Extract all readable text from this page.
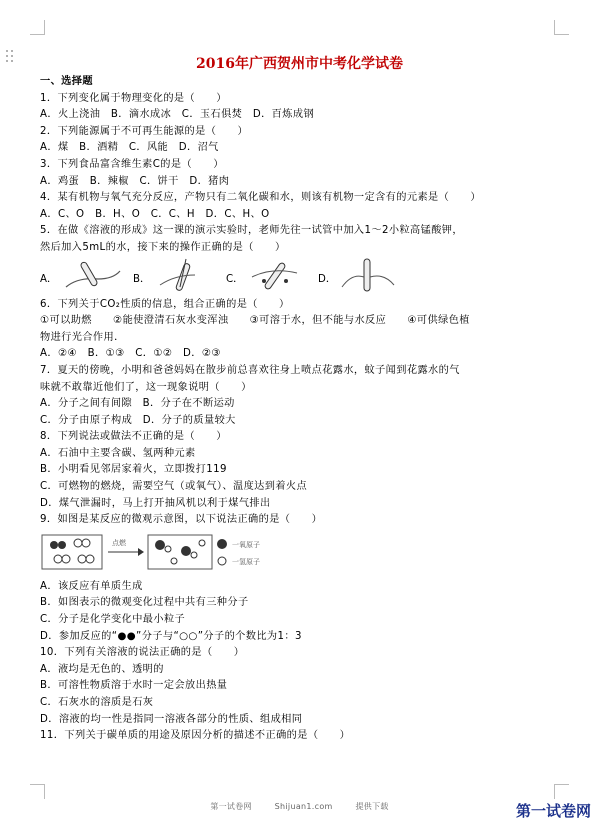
2016年广西贺州市中考化学试卷
一、选择题
1．下列变化属于物理变化的是（　　）
A．火上浇油　B．滴水成冰　C．玉石俱焚　D．百炼成钢
2．下列能源属于不可再生能源的是（　　）
A．煤　B．酒精　C．风能　D．沼气
3．下列食品富含维生素C的是（　　）
A．鸡蛋　B．辣椒　C．饼干　D．猪肉
4．某有机物与氧气充分反应，产物只有二氧化碳和水，则该有机物一定含有的元素是（　　）
A．C、O　B．H、O　C．C、H　D．C、H、O
5．在做《溶液的形成》这一课的演示实验时，老师先往一试管中加入1～2小粒高锰酸钾，
然后加入5mL的水，接下来的操作正确的是（　　）
A．	B．	C．	D．
6．下列关于CO₂性质的信息，组合正确的是（　　）
①可以助燃　　②能使澄清石灰水变浑浊　　③可溶于水，但不能与水反应　　④可供绿色植
物进行光合作用．
A．②④　B．①③　C．①②　D．②③
7．夏天的傍晚，小明和爸爸妈妈在散步前总喜欢往身上喷点花露水，蚊子闻到花露水的气
味就不敢靠近他们了，这一现象说明（　　）
A．分子之间有间隙　B．分子在不断运动
C．分子由原子构成　D．分子的质量较大
8．下列说法或做法不正确的是（　　）
A．石油中主要含碳、氢两种元素
B．小明看见邻居家着火，立即拨打119
C．可燃物的燃烧，需要空气（或氧气）、温度达到着火点
D．煤气泄漏时，马上打开抽风机以利于煤气排出
9．如图是某反应的微观示意图，以下说法正确的是（　　）
点燃	一氧原子
一氢原子
A．该反应有单质生成
B．如图表示的微观变化过程中共有三种分子
C．分子是化学变化中最小粒子
D．参加反应的“●●”分子与“○○”分子的个数比为1：3
10．下列有关溶液的说法正确的是（　　）
A．液均是无色的、透明的
B．可溶性物质溶于水时一定会放出热量
C．石灰水的溶质是石灰
D．溶液的均一性是指同一溶液各部分的性质、组成相同
11．下列关于碳单质的用途及原因分析的描述不正确的是（　　）
第一试卷网	Shijuan1.com	提供下载	第一试卷网
